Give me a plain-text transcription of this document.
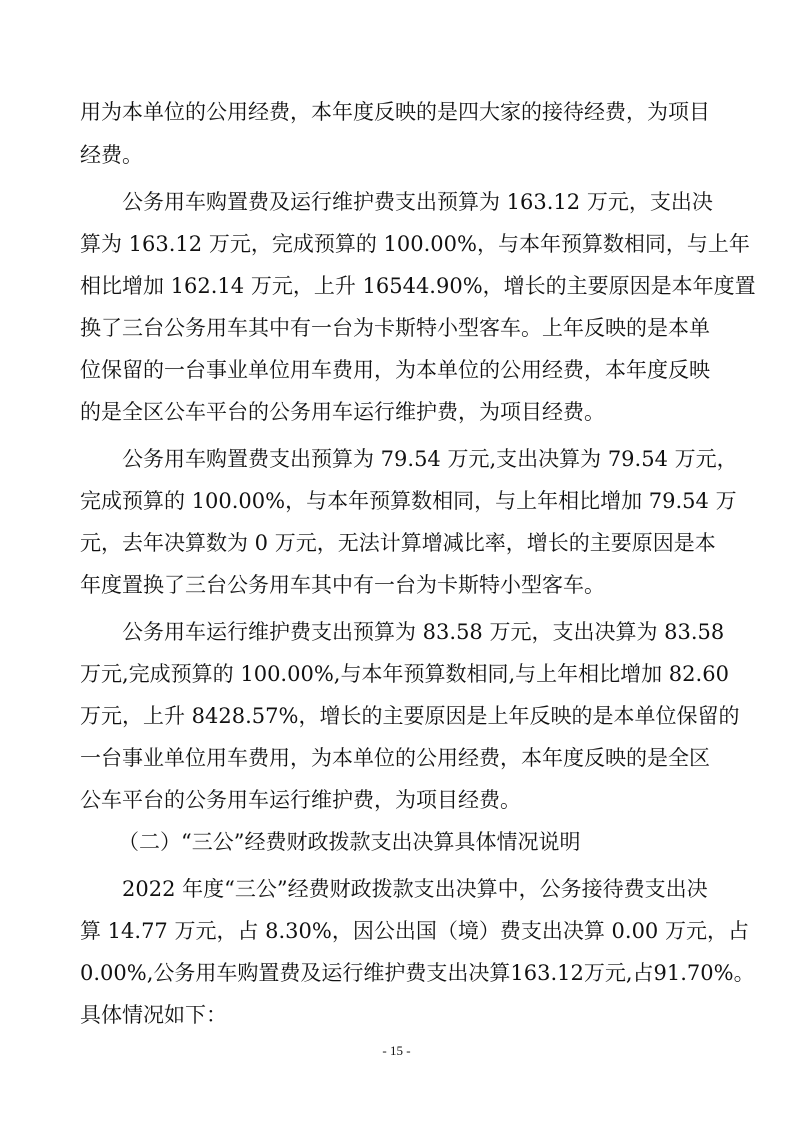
用为本单位的公用经费，本年度反映的是四大家的接待经费，为项目
经费。
公务用车购置费及运行维护费支出预算为 163.12 万元，支出决
算为 163.12 万元，完成预算的 100.00%，与本年预算数相同，与上年
相比增加 162.14 万元，上升 16544.90%，增长的主要原因是本年度置
换了三台公务用车其中有一台为卡斯特小型客车。上年反映的是本单
位保留的一台事业单位用车费用，为本单位的公用经费，本年度反映
的是全区公车平台的公务用车运行维护费，为项目经费。
公务用车购置费支出预算为 79.54 万元,支出决算为 79.54 万元，
完成预算的 100.00%，与本年预算数相同，与上年相比增加 79.54 万
元，去年决算数为 0 万元，无法计算增减比率，增长的主要原因是本
年度置换了三台公务用车其中有一台为卡斯特小型客车。
公务用车运行维护费支出预算为 83.58 万元，支出决算为 83.58
万元,完成预算的 100.00%,与本年预算数相同,与上年相比增加 82.60
万元，上升 8428.57%，增长的主要原因是上年反映的是本单位保留的
一台事业单位用车费用，为本单位的公用经费，本年度反映的是全区
公车平台的公务用车运行维护费，为项目经费。
（二）“三公”经费财政拨款支出决算具体情况说明
2022 年度“三公”经费财政拨款支出决算中，公务接待费支出决
算 14.77 万元，占 8.30%，因公出国（境）费支出决算 0.00 万元，占
0.00%,公务用车购置费及运行维护费支出决算163.12万元,占91.70%。
具体情况如下：
- 15 -
